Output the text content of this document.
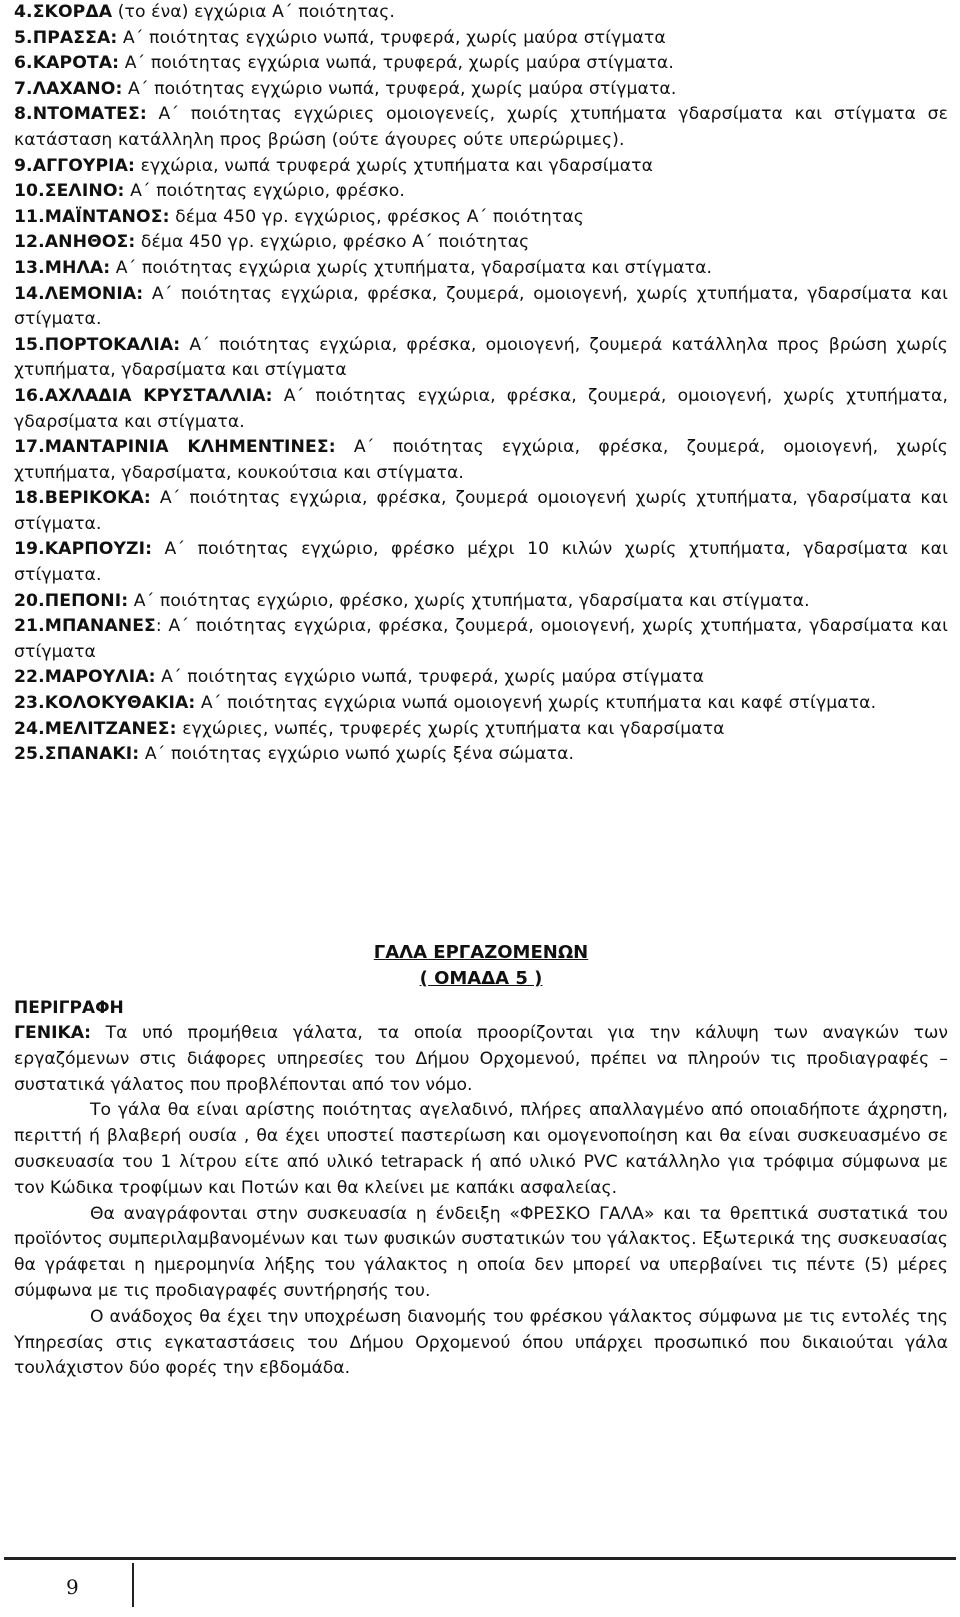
4.ΣΚΟΡΔΑ (το ένα) εγχώρια Α΄ ποιότητας.

5.ΠΡΑΣΣΑ: Α΄ ποιότητας εγχώριο νωπά, τρυφερά, χωρίς μαύρα στίγματα

6.ΚΑΡΟΤΑ: Α΄ ποιότητας εγχώρια νωπά, τρυφερά, χωρίς μαύρα στίγματα.

7.ΛΑΧΑΝΟ: Α΄ ποιότητας εγχώριο νωπά, τρυφερά, χωρίς μαύρα στίγματα.

8.ΝΤΟΜΑΤΕΣ: Α΄ ποιότητας εγχώριες ομοιογενείς, χωρίς χτυπήματα γδαρσίματα και στίγματα σε κατάσταση κατάλληλη προς βρώση (ούτε άγουρες ούτε υπερώριμες).

9.ΑΓΓΟΥΡΙΑ: εγχώρια, νωπά τρυφερά χωρίς χτυπήματα και γδαρσίματα

10.ΣΕΛΙΝΟ: Α΄ ποιότητας εγχώριο, φρέσκο.

11.ΜΑΪΝΤΑΝΟΣ: δέμα 450 γρ. εγχώριος, φρέσκος Α΄ ποιότητας

12.ΑΝΗΘΟΣ: δέμα 450 γρ. εγχώριο, φρέσκο Α΄ ποιότητας

13.ΜΗΛΑ: Α΄ ποιότητας εγχώρια χωρίς χτυπήματα, γδαρσίματα και στίγματα.

14.ΛΕΜΟΝΙΑ: Α΄ ποιότητας εγχώρια, φρέσκα, ζουμερά, ομοιογενή, χωρίς χτυπήματα, γδαρσίματα και στίγματα.

15.ΠΟΡΤΟΚΑΛΙΑ: Α΄ ποιότητας εγχώρια, φρέσκα, ομοιογενή, ζουμερά κατάλληλα προς βρώση χωρίς χτυπήματα, γδαρσίματα και στίγματα

16.ΑΧΛΑΔΙΑ ΚΡΥΣΤΑΛΛΙΑ: Α΄ ποιότητας εγχώρια, φρέσκα, ζουμερά, ομοιογενή, χωρίς χτυπήματα, γδαρσίματα και στίγματα.

17.ΜΑΝΤΑΡΙΝΙΑ ΚΛΗΜΕΝΤΙΝΕΣ: Α΄ ποιότητας εγχώρια, φρέσκα, ζουμερά, ομοιογενή, χωρίς χτυπήματα, γδαρσίματα, κουκούτσια και στίγματα.

18.ΒΕΡΙΚΟΚΑ: Α΄ ποιότητας εγχώρια, φρέσκα, ζουμερά ομοιογενή χωρίς χτυπήματα, γδαρσίματα και στίγματα.

19.ΚΑΡΠΟΥΖΙ: Α΄ ποιότητας εγχώριο, φρέσκο μέχρι 10 κιλών χωρίς χτυπήματα, γδαρσίματα και στίγματα.

20.ΠΕΠΟΝΙ: Α΄ ποιότητας εγχώριο, φρέσκο, χωρίς χτυπήματα, γδαρσίματα και στίγματα.

21.ΜΠΑΝΑΝΕΣ: Α΄ ποιότητας εγχώρια, φρέσκα, ζουμερά, ομοιογενή, χωρίς χτυπήματα, γδαρσίματα και στίγματα

22.ΜΑΡΟΥΛΙΑ: Α΄ ποιότητας εγχώριο νωπά, τρυφερά, χωρίς μαύρα στίγματα

23.ΚΟΛΟΚΥΘΑΚΙΑ: Α΄ ποιότητας εγχώρια νωπά ομοιογενή χωρίς κτυπήματα και καφέ στίγματα.

24.ΜΕΛΙΤΖΑΝΕΣ: εγχώριες, νωπές, τρυφερές χωρίς χτυπήματα και γδαρσίματα

25.ΣΠΑΝΑΚΙ: Α΄ ποιότητας εγχώριο νωπό χωρίς ξένα σώματα.

ΓΑΛΑ ΕΡΓΑΖΟΜΕΝΩΝ

( ΟΜΑΔΑ 5 )

ΠΕΡΙΓΡΑΦΗ

ΓΕΝΙΚΑ: Τα υπό προμήθεια γάλατα, τα οποία προορίζονται για την κάλυψη των αναγκών των εργαζόμενων στις διάφορες υπηρεσίες του Δήμου Ορχομενού, πρέπει να πληρούν τις προδιαγραφές – συστατικά γάλατος που προβλέπονται από τον νόμο.

Το γάλα θα είναι αρίστης ποιότητας αγελαδινό, πλήρες απαλλαγμένο από οποιαδήποτε άχρηστη, περιττή ή βλαβερή ουσία , θα έχει υποστεί παστερίωση και ομογενοποίηση και θα είναι συσκευασμένο σε συσκευασία του 1 λίτρου είτε από υλικό tetrapack ή από υλικό PVC κατάλληλο για τρόφιμα σύμφωνα με τον Κώδικα τροφίμων και Ποτών και θα κλείνει με καπάκι ασφαλείας.

Θα αναγράφονται στην συσκευασία η ένδειξη «ΦΡΕΣΚΟ ΓΑΛΑ» και τα θρεπτικά συστατικά του προϊόντος συμπεριλαμβανομένων και των φυσικών συστατικών του γάλακτος. Εξωτερικά της συσκευασίας θα γράφεται η ημερομηνία λήξης του γάλακτος η οποία δεν μπορεί να υπερβαίνει τις πέντε (5) μέρες σύμφωνα με τις προδιαγραφές συντήρησής του.

Ο ανάδοχος θα έχει την υποχρέωση διανομής του φρέσκου γάλακτος σύμφωνα με τις εντολές της Υπηρεσίας στις εγκαταστάσεις του Δήμου Ορχομενού όπου υπάρχει προσωπικό που δικαιούται γάλα τουλάχιστον δύο φορές την εβδομάδα.

9
